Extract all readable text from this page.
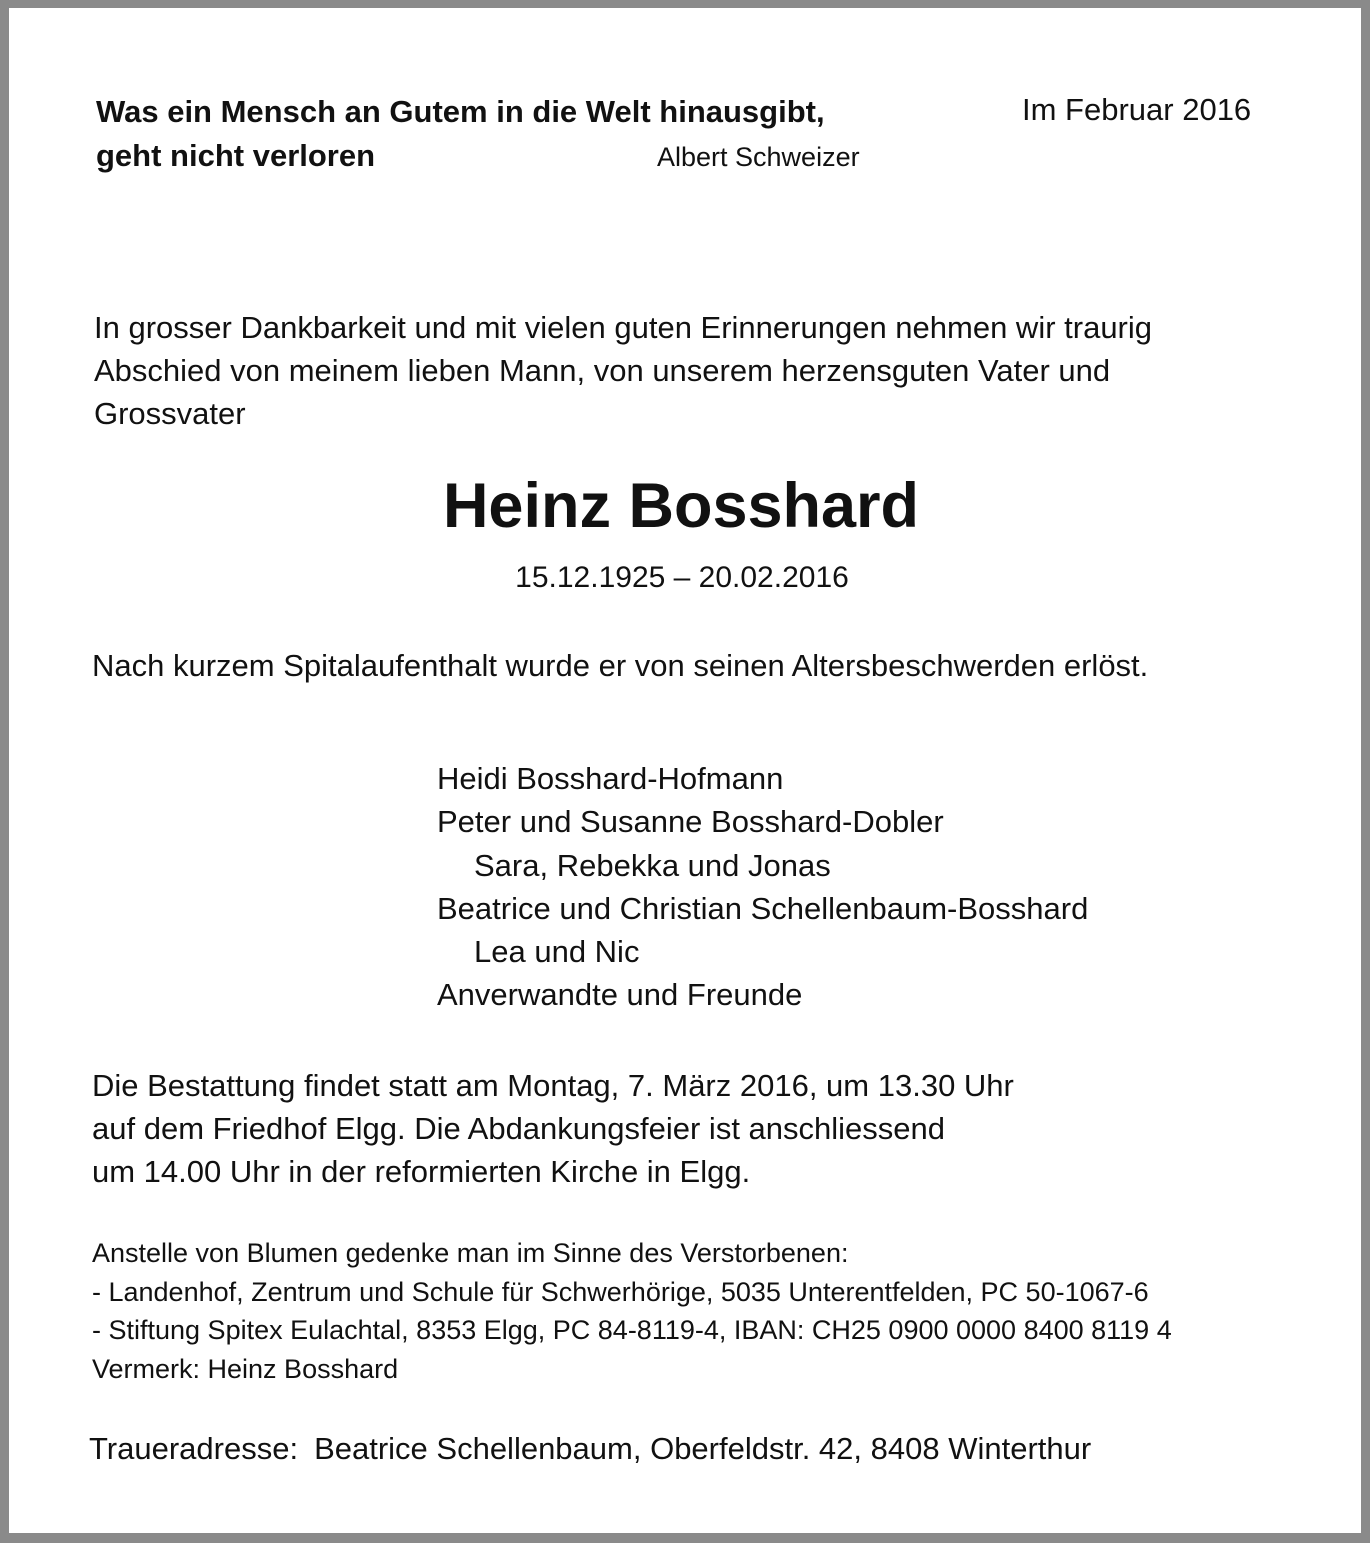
Was ein Mensch an Gutem in die Welt hinausgibt,
geht nicht verloren	Albert Schweizer
Im Februar 2016
In grosser Dankbarkeit und mit vielen guten Erinnerungen nehmen wir traurig Abschied von meinem lieben Mann, von unserem herzensguten Vater und Grossvater
Heinz Bosshard
15.12.1925 – 20.02.2016
Nach kurzem Spitalaufenthalt wurde er von seinen Altersbeschwerden erlöst.
Heidi Bosshard-Hofmann
Peter und Susanne Bosshard-Dobler
Sara, Rebekka und Jonas
Beatrice und Christian Schellenbaum-Bosshard
Lea und Nic
Anverwandte und Freunde
Die Bestattung findet statt am Montag, 7. März 2016, um 13.30 Uhr
auf dem Friedhof Elgg. Die Abdankungsfeier ist anschliessend
um 14.00 Uhr in der reformierten Kirche in Elgg.
Anstelle von Blumen gedenke man im Sinne des Verstorbenen:
- Landenhof, Zentrum und Schule für Schwerhörige, 5035 Unterentfelden, PC 50-1067-6
- Stiftung Spitex Eulachtal, 8353 Elgg, PC 84-8119-4, IBAN: CH25 0900 0000 8400 8119 4
Vermerk: Heinz Bosshard
Traueradresse: Beatrice Schellenbaum, Oberfeldstr. 42, 8408 Winterthur
